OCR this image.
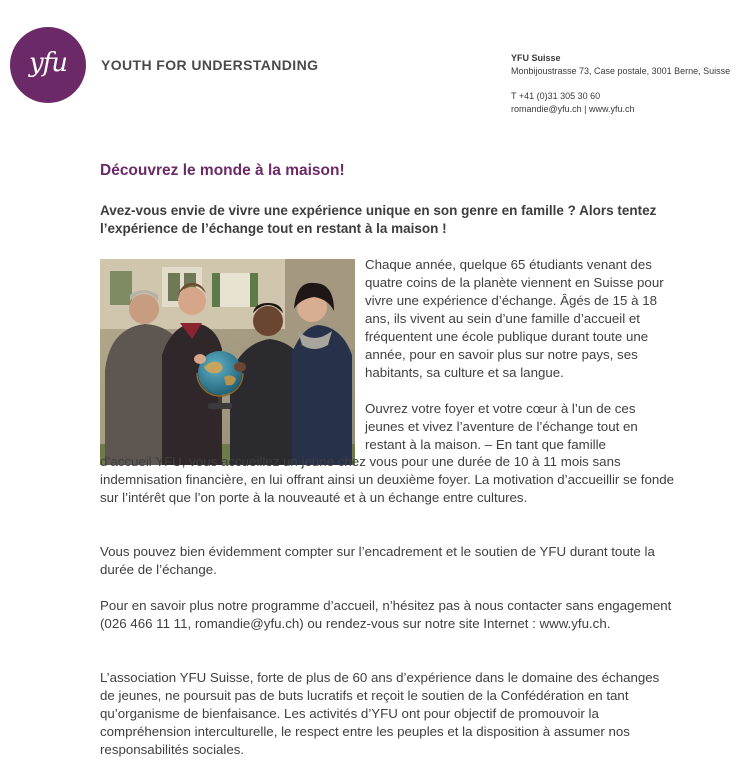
yfu YOUTH FOR UNDERSTANDING	YFU Suisse
Monbijoustrasse 73, Case postale, 3001 Berne, Suisse
T +41 (0)31 305 30 60
romandie@yfu.ch | www.yfu.ch
Découvrez le monde à la maison!
Avez-vous envie de vivre une expérience unique en son genre en famille ? Alors tentez l’expérience de l’échange tout en restant à la maison !

Chaque année, quelque 65 étudiants venant des quatre coins de la planète viennent en Suisse pour vivre une expérience d’échange. Âgés de 15 à 18 ans, ils vivent au sein d’une famille d’accueil et fréquentent une école publique durant toute une année, pour en savoir plus sur notre pays, ses habitants, sa culture et sa langue.

Ouvrez votre foyer et votre cœur à l’un de ces jeunes et vivez l’aventure de l’échange tout en restant à la maison. – En tant que famille

d’accueil YFU, vous accueillez un jeune chez vous pour une durée de 10 à 11 mois sans indemnisation financière, en lui offrant ainsi un deuxième foyer. La motivation d’accueillir se fonde sur l’intérêt que l’on porte à la nouveauté et à un échange entre cultures.

Vous pouvez bien évidemment compter sur l’encadrement et le soutien de YFU durant toute la durée de l’échange.

Pour en savoir plus notre programme d’accueil, n’hésitez pas à nous contacter sans engagement (026 466 11 11, romandie@yfu.ch) ou rendez-vous sur notre site Internet : www.yfu.ch.

L’association YFU Suisse, forte de plus de 60 ans d’expérience dans le domaine des échanges de jeunes, ne poursuit pas de buts lucratifs et reçoit le soutien de la Confédération en tant qu’organisme de bienfaisance. Les activités d’YFU ont pour objectif de promouvoir la compréhension interculturelle, le respect entre les peuples et la disposition à assumer nos responsabilités sociales.
